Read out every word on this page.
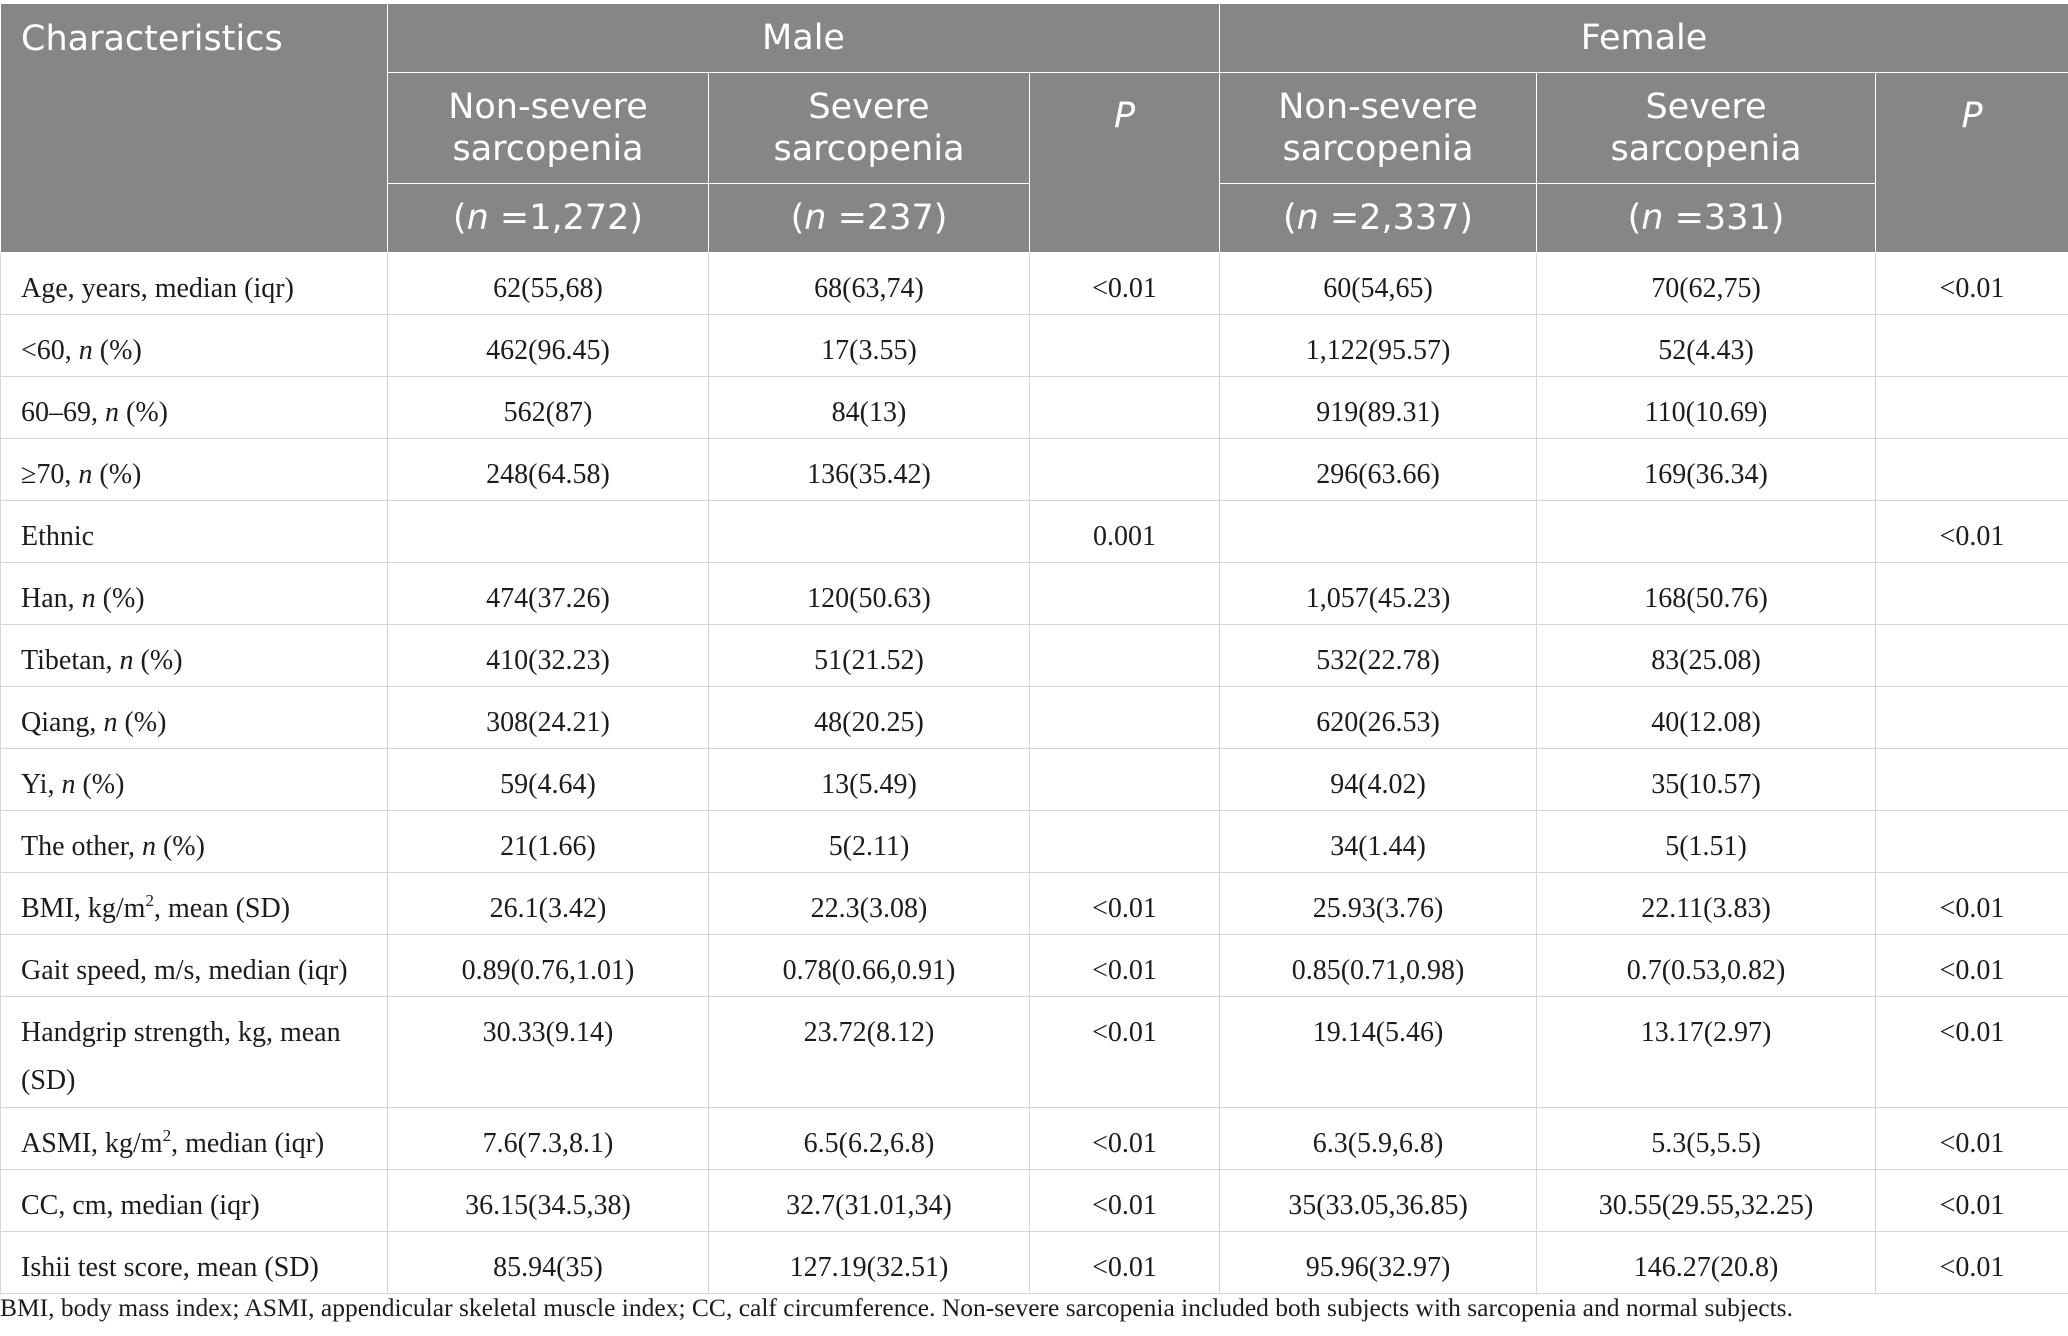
Characteristics	Male			Female		
	Non-severe sarcopenia	Severe sarcopenia	P	Non-severe sarcopenia	Severe sarcopenia	P
	(n =1,272)	(n =237)		(n =2,337)	(n =331)	
Age, years, median (iqr)	62(55,68)	68(63,74)	<0.01	60(54,65)	70(62,75)	<0.01
<60, n (%)	462(96.45)	17(3.55)		1,122(95.57)	52(4.43)	
60–69, n (%)	562(87)	84(13)		919(89.31)	110(10.69)	
≥70, n (%)	248(64.58)	136(35.42)		296(63.66)	169(36.34)	
Ethnic			0.001			<0.01
Han, n (%)	474(37.26)	120(50.63)		1,057(45.23)	168(50.76)	
Tibetan, n (%)	410(32.23)	51(21.52)		532(22.78)	83(25.08)	
Qiang, n (%)	308(24.21)	48(20.25)		620(26.53)	40(12.08)	
Yi, n (%)	59(4.64)	13(5.49)		94(4.02)	35(10.57)	
The other, n (%)	21(1.66)	5(2.11)		34(1.44)	5(1.51)	
BMI, $kg/m^2$, mean (SD)	26.1(3.42)	22.3(3.08)	<0.01	25.93(3.76)	22.11(3.83)	<0.01
Gait speed, m/s, median (iqr)	0.89(0.76,1.01)	0.78(0.66,0.91)	<0.01	0.85(0.71,0.98)	0.7(0.53,0.82)	<0.01
Handgrip strength, kg, mean (SD)	30.33(9.14)	23.72(8.12)	<0.01	19.14(5.46)	13.17(2.97)	<0.01
ASMI, $kg/m^2$, median (iqr)	7.6(7.3,8.1)	6.5(6.2,6.8)	<0.01	6.3(5.9,6.8)	5.3(5,5.5)	<0.01
CC, cm, median (iqr)	36.15(34.5,38)	32.7(31.01,34)	<0.01	35(33.05,36.85)	30.55(29.55,32.25)	<0.01
Ishii test score, mean (SD)	85.94(35)	127.19(32.51)	<0.01	95.96(32.97)	146.27(20.8)	<0.01

BMI, body mass index; ASMI, appendicular skeletal muscle index; CC, calf circumference. Non-severe sarcopenia included both subjects with sarcopenia and normal subjects.
